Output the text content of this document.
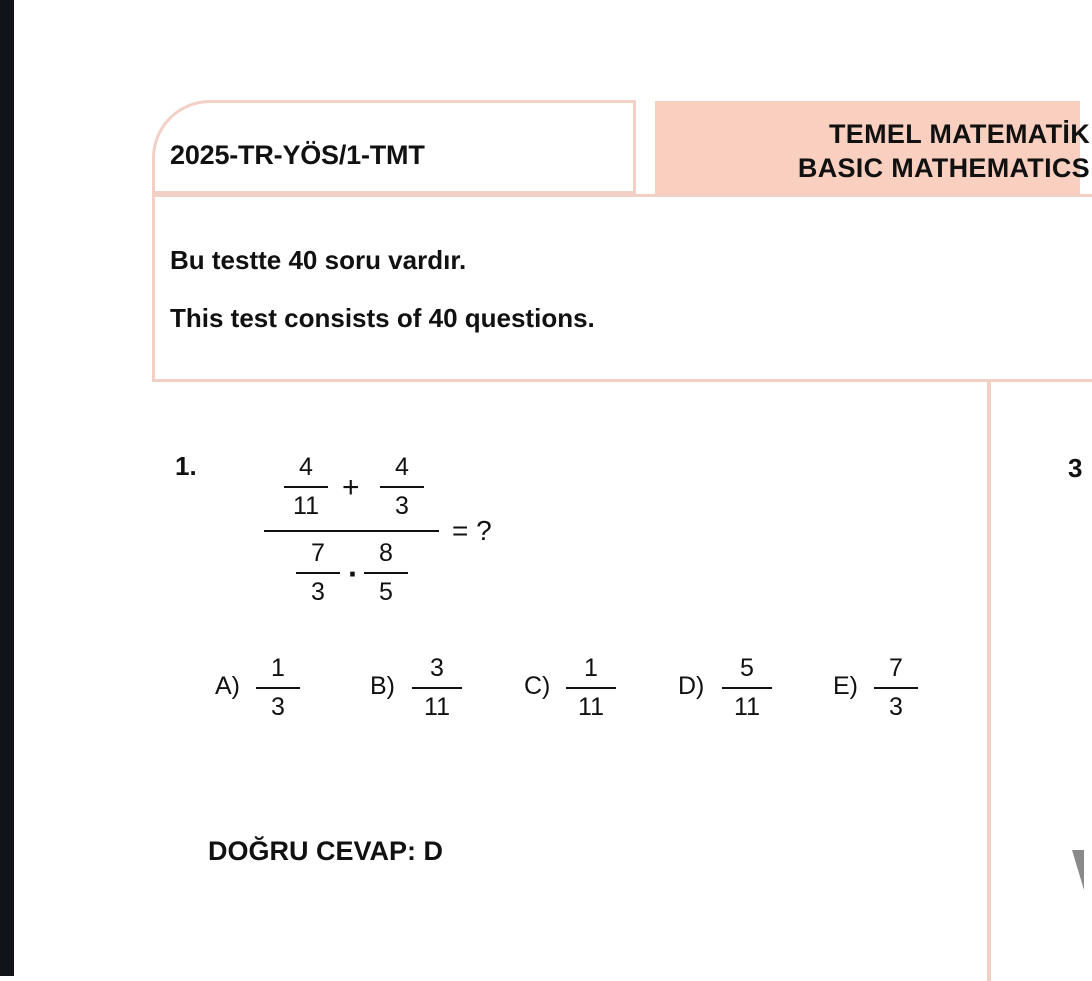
2025-TR-YÖS/1-TMT
TEMEL MATEMATİK
BASIC MATHEMATICS
Bu testte 40 soru vardır.
This test consists of 40 questions.
1.	4
11
+
4
3
= ?
7
3 ·
8
5
A)
1
3
B)
3
11
C)
1
11
D)
5
11
E)
7
3
DOĞRU CEVAP: D
3
